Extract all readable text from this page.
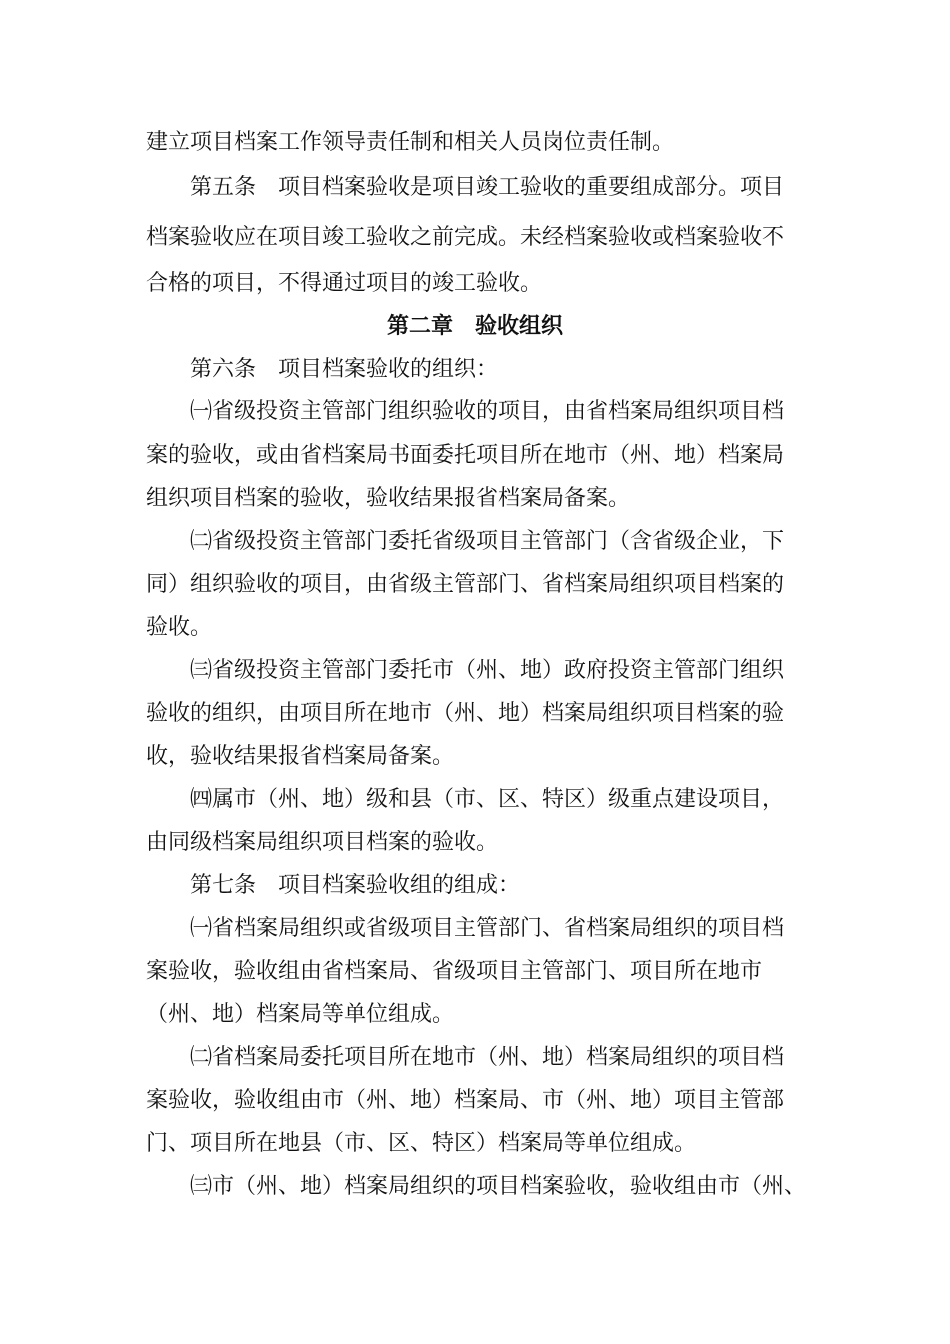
建立项目档案工作领导责任制和相关人员岗位责任制。
第五条　项目档案验收是项目竣工验收的重要组成部分。项目
档案验收应在项目竣工验收之前完成。未经档案验收或档案验收不
合格的项目，不得通过项目的竣工验收。
第二章　验收组织
第六条　项目档案验收的组织：
㈠省级投资主管部门组织验收的项目，由省档案局组织项目档
案的验收，或由省档案局书面委托项目所在地市（州、地）档案局
组织项目档案的验收，验收结果报省档案局备案。
㈡省级投资主管部门委托省级项目主管部门（含省级企业，下
同）组织验收的项目，由省级主管部门、省档案局组织项目档案的
验收。
㈢省级投资主管部门委托市（州、地）政府投资主管部门组织
验收的组织，由项目所在地市（州、地）档案局组织项目档案的验
收，验收结果报省档案局备案。
㈣属市（州、地）级和县（市、区、特区）级重点建设项目，
由同级档案局组织项目档案的验收。
第七条　项目档案验收组的组成：
㈠省档案局组织或省级项目主管部门、省档案局组织的项目档
案验收，验收组由省档案局、省级项目主管部门、项目所在地市
（州、地）档案局等单位组成。
㈡省档案局委托项目所在地市（州、地）档案局组织的项目档
案验收，验收组由市（州、地）档案局、市（州、地）项目主管部
门、项目所在地县（市、区、特区）档案局等单位组成。
㈢市（州、地）档案局组织的项目档案验收，验收组由市（州、
